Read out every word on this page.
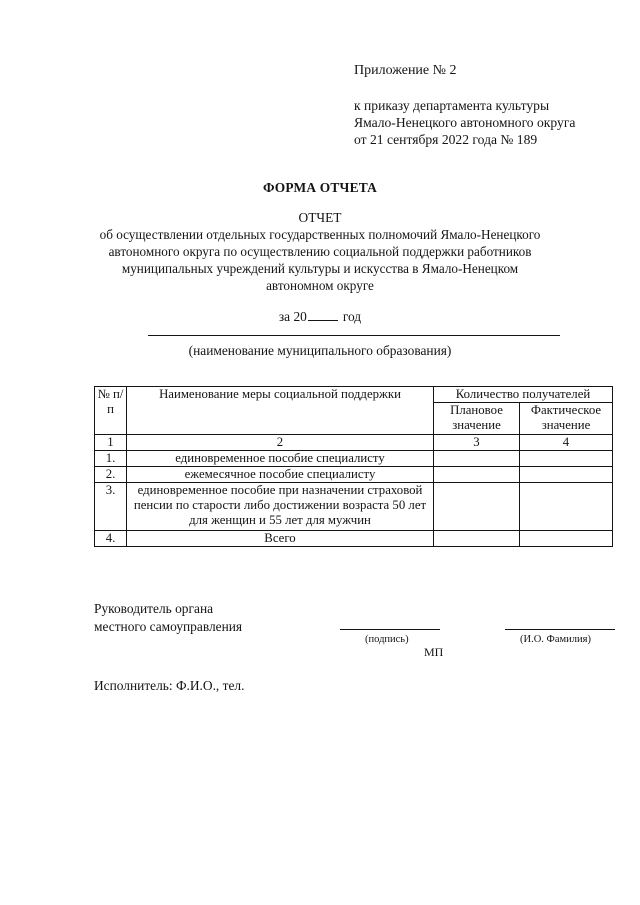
Приложение № 2

к приказу департамента культуры

Ямало-Ненецкого автономного округа

от 21 сентября 2022 года № 189

ФОРМА ОТЧЕТА
ОТЧЕТ
об осуществлении отдельных государственных полномочий Ямало-Ненецкого автономного округа по осуществлению социальной поддержки работников муниципальных учреждений культуры и искусства в Ямало-Ненецком автономном округе
за 20	год
(наименование муниципального образования)
№ п/п	Наименование меры социальной поддержки	Количество получателей	
		Плановое значение	Фактическое значение
1	2	3	4
1.	единовременное пособие специалисту		
2.	ежемесячное пособие специалисту		
3.	единовременное пособие при назначении страховой пенсии по старости либо достижении возраста 50 лет для женщин и 55 лет для мужчин		
4.	Всего		
Руководитель органа
местного самоуправления
(подпись)	(И.О. Фамилия)
МП
Исполнитель: Ф.И.О., тел.
